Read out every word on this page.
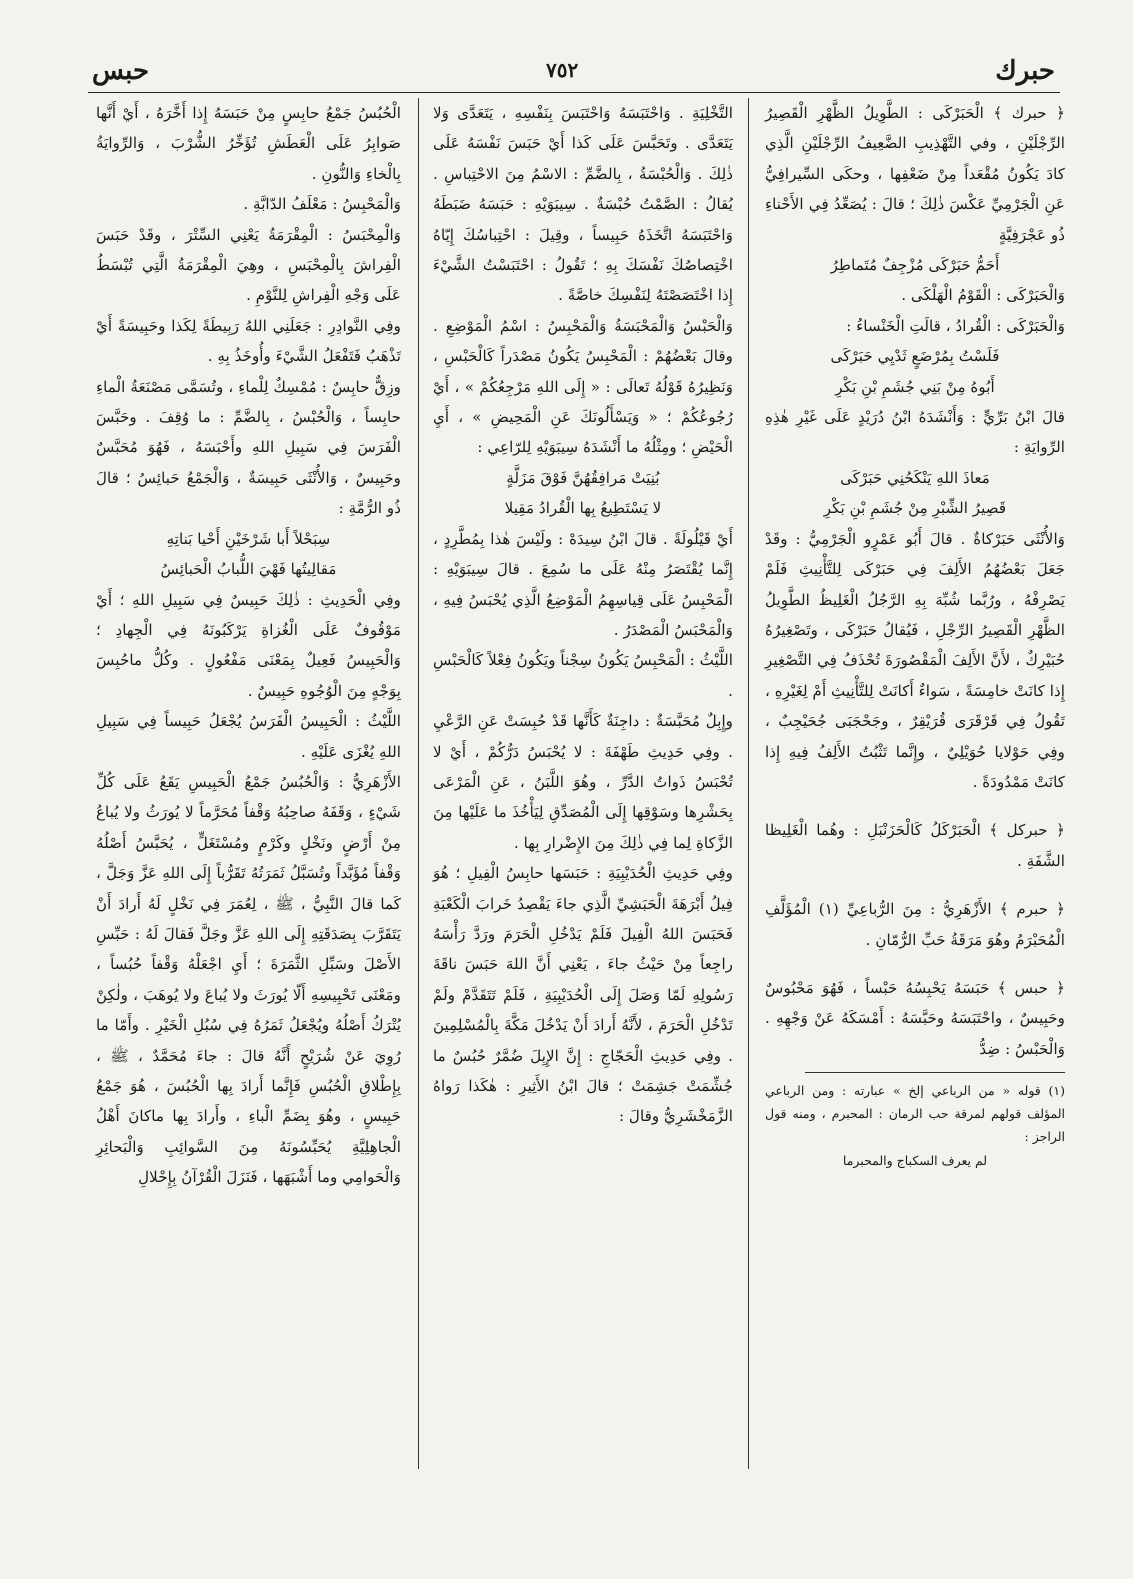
حبرك
٧٥٢
حبس

﴿ حبرك ﴾ الْحَبَرْكَى : الطَّوِيلُ الظَّهْرِ الْقَصِيرُ الرِّجْلَيْنِ ، وفي التَّهْذِيبِ الضَّعِيفُ الرِّجْلَيْنِ الَّذِي كادَ يَكُونُ مُقْعَداً مِنْ ضَعْفِها ، وحكَى السِّيرافِيُّ عَنِ الْجَرْمِيِّ عَكْسَ ذٰلِكَ ؛ قالَ : يُصَعِّدُ فِي الأَحْناءِ ذُو عَجْرَفِيَّةٍ

أَحَمُّ حَبَرْكَى مُزْجِفٌ مُتَماطِرُ

وَالْحَبَرْكَى : الْقَوْمُ الْهَلْكَى .

وَالْحَبَرْكَى : الْقُرادُ ، قالَتِ الْخَنْساءُ :

فَلَسْتُ بِمُرْضَعٍ ثَدْيِي حَبَرْكَى

أَبُوهُ مِنْ بَنِي جُشَمِ بْنِ بَكْرِ

قالَ ابْنُ بَرِّيٍّ : وَأَنْشَدَهُ ابْنُ دُرَيْدٍ عَلَى غَيْرِ هٰذِهِ الرِّوايَةِ :

مَعاذَ اللهِ يَنْكَحُنِي حَبَرْكَى

قَصِيرُ الشِّبْرِ مِنْ جُشَمِ بْنِ بَكْرِ

وَالأُنْثَى حَبَرْكاةٌ . قالَ أَبُو عَمْرٍو الْجَرْمِيُّ : وقَدْ جَعَلَ بَعْضُهُمُ الأَلِفَ فِي حَبَرْكَى لِلتَّأْنِيثِ فَلَمْ يَصْرِفْهُ ، ورُبَّما شُبِّهَ بِهِ الرَّجُلُ الْغَلِيظُ الطَّوِيلُ الظَّهْرِ الْقَصِيرُ الرِّجْلِ ، فَيُقالُ حَبَرْكَى ، وتَصْغِيرُهُ حُبَيْرِكٌ ، لأَنَّ الأَلِفَ الْمَقْصُورَةَ تُحْذَفُ فِي التَّصْغِيرِ إِذا كانَتْ خامِسَةً ، سَواءٌ أَكانَتْ لِلتَّأْنِيثِ أَمْ لِغَيْرِهِ ، تَقُولُ فِي قَرْقَرَى قُرَيْقِرٌ ، وجَحْجَبَى جُحَيْجِبٌ ، وفِي حَوْلايا حُوَيْلِيٌ ، وإِنَّما تَثْبُتُ الأَلِفُ فِيهِ إِذا كانَتْ مَمْدُودَةً .

﴿ حبركل ﴾ الْحَبَرْكَلُ كَالْحَزَنْبَلِ : وهُما الْغَلِيظا الشَّفَةِ .

﴿ حبرم ﴾ الأَزْهَرِيُّ : مِنَ الرُّباعِيِّ (١) الْمُؤَلَّفِ الْمُحَبْرَمُ وهُوَ مَرَقَةُ حَبِّ الرُّمّانِ .

﴿ حبس ﴾ حَبَسَهُ يَحْبِسُهُ حَبْساً ، فَهُوَ مَحْبُوسٌ وحَبِيسٌ ، واحْتَبَسَهُ وحَبَّسَهُ : أَمْسَكَهُ عَنْ وَجْهِهِ . وَالْحَبْسُ : ضِدُّ

(١) قوله « من الرباعي إلخ » عبارته : ومن الرباعي المؤلف قولهم لمرقة حب الرمان : المحبرم ، ومنه قول الراجز :

لم يعرف السكباج والمحبرما

التَّخْلِيَةِ . وَاحْتَبَسَهُ وَاحْتَبَسَ بِنَفْسِهِ ، يَتَعَدَّى وَلا يَتَعَدَّى . وتَحَبَّسَ عَلَى كَذا أَيْ حَبَسَ نَفْسَهُ عَلَى ذٰلِكَ . وَالْحُبْسَةُ ، بِالضَّمِّ : الاسْمُ مِنَ الاحْتِباسِ . يُقالُ : الصَّمْتُ حُبْسَةٌ . سِيبَوَيْهِ : حَبَسَهُ ضَبَطَهُ وَاحْتَبَسَهُ اتَّخَذَهُ حَبِيساً ، وقِيلَ : احْتِباسُكَ إِيّاهُ اخْتِصاصُكَ نَفْسَكَ بِهِ ؛ تَقُولُ : احْتَبَسْتُ الشَّيْءَ إِذا اخْتَصَصْتَهُ لِنَفْسِكَ خاصَّةً .

وَالْحَبْسُ وَالْمَحْبَسَةُ وَالْمَحْبِسُ : اسْمُ الْمَوْضِعِ . وقالَ بَعْضُهُمْ : الْمَحْبِسُ يَكُونُ مَصْدَراً كَالْحَبْسِ ، وَنَظِيرُهُ قَوْلُهُ تَعالَى : « إِلَى اللهِ مَرْجِعُكُمْ » ، أَيْ رُجُوعُكُمْ ؛ « وَيَسْأَلُونَكَ عَنِ الْمَحِيضِ » ، أَيِ الْحَيْضِ ؛ ومِثْلُهُ ما أَنْشَدَهُ سِيبَوَيْهِ لِلرّاعِي :

بُنِيَتْ مَرافِقُهُنَّ فَوْقَ مَزَلَّةٍ

لا يَسْتَطِيعُ بِها الْقُرادُ مَقِيلا

أَيْ قَيْلُولَةً . قالَ ابْنُ سِيدَهْ : ولَيْسَ هٰذا بِمُطَّرِدٍ ، إِنَّما يُقْتَصَرُ مِنْهُ عَلَى ما سُمِعَ . قالَ سِيبَوَيْهِ : الْمَحْبِسُ عَلَى قِياسِهِمُ الْمَوْضِعُ الَّذِي يُحْبَسُ فِيهِ ، وَالْمَحْبَسُ الْمَصْدَرُ .

اللَّيْثُ : الْمَحْبِسُ يَكُونُ سِجْناً ويَكُونُ فِعْلاً كَالْحَبْسِ .

وإِبِلٌ مُحَبَّسَةٌ : داجِنَةٌ كَأَنَّها قَدْ حُبِسَتْ عَنِ الرَّعْيِ . وفِي حَدِيثِ طَهْفَةَ : لا يُحْبَسُ دَرُّكُمْ ، أَيْ لا تُحْبَسُ ذَواتُ الدَّرِّ ، وهُوَ اللَّبَنُ ، عَنِ الْمَرْعَى بِحَشْرِها وسَوْقِها إِلَى الْمُصَدِّقِ لِيَأْخُذَ ما عَلَيْها مِنَ الزَّكاةِ لِما فِي ذٰلِكَ مِنَ الإِضْرارِ بِها .

وفِي حَدِيثِ الْحُدَيْبِيَةِ : حَبَسَها حابِسُ الْفِيلِ ؛ هُوَ فِيلُ أَبْرَهَةَ الْحَبَشِيِّ الَّذِي جاءَ يَقْصِدُ خَرابَ الْكَعْبَةِ فَحَبَسَ اللهُ الْفِيلَ فَلَمْ يَدْخُلِ الْحَرَمَ ورَدَّ رَأْسَهُ راجِعاً مِنْ حَيْثُ جاءَ ، يَعْنِي أَنَّ اللهَ حَبَسَ ناقَةَ رَسُولِهِ لَمّا وَصَلَ إِلَى الْحُدَيْبِيَةِ ، فَلَمْ تَتَقَدَّمْ ولَمْ تَدْخُلِ الْحَرَمَ ، لأَنَّهُ أَرادَ أَنْ يَدْخُلَ مَكَّةَ بِالْمُسْلِمِينَ . وفِي حَدِيثِ الْحَجّاجِ : إِنَّ الإِبِلَ ضُمَّرٌ حُبُسٌ ما جُشِّمَتْ جَشِمَتْ ؛ قالَ ابْنُ الأَثِيرِ : هٰكَذا رَواهُ الزَّمَخْشَرِيُّ وقالَ :

الْحُبُسُ جَمْعُ حابِسٍ مِنْ حَبَسَهُ إِذا أَخَّرَهُ ، أَيْ أَنَّها صَوابِرُ عَلَى الْعَطَشِ تُؤَخِّرُ الشُّرْبَ ، وَالرِّوايَةُ بِالْخاءِ وَالنُّونِ .

وَالْمَحْبِسُ : مَعْلَفُ الدّابَّةِ .

وَالْمِحْبَسُ : الْمِقْرَمَةُ يَعْنِي السِّتْرَ ، وقَدْ حَبَسَ الْفِراشَ بِالْمِحْبَسِ ، وهِيَ الْمِقْرَمَةُ الَّتِي تُبْسَطُ عَلَى وَجْهِ الْفِراشِ لِلنَّوْمِ .

وفِي النَّوادِرِ : جَعَلَنِي اللهُ رَبِيطَةً لِكَذا وحَبِيسَةً أَيْ تَذْهَبُ فَتَفْعَلُ الشَّيْءَ وأُوخَذُ بِهِ .

وزِقٌّ حابِسٌ : مُمْسِكٌ لِلْماءِ ، وتُسَمَّى مَصْنَعَةُ الْماءِ حابِساً ، وَالْحُبْسُ ، بِالضَّمِّ : ما وُقِفَ . وحَبَّسَ الْفَرَسَ فِي سَبِيلِ اللهِ وأَحْبَسَهُ ، فَهُوَ مُحَبَّسٌ وحَبِيسٌ ، وَالأُنْثَى حَبِيسَةٌ ، وَالْجَمْعُ حَبائِسُ ؛ قالَ ذُو الرُّمَّةِ :

سِبَحْلاً أَبا شَرْخَيْنِ أَحْيا بَناتِهِ

مَقالِيتُها فَهْيَ اللُّبابُ الْحَبائِسُ

وفِي الْحَدِيثِ : ذٰلِكَ حَبِيسٌ فِي سَبِيلِ اللهِ ؛ أَيْ مَوْقُوفٌ عَلَى الْغُزاةِ يَرْكَبُونَهُ فِي الْجِهادِ ؛ وَالْحَبِيسُ فَعِيلٌ بِمَعْنَى مَفْعُولٍ . وكُلُّ ماحُبِسَ بِوَجْهٍ مِنَ الْوُجُوهِ حَبِيسٌ .

اللَّيْثُ : الْحَبِيسُ الْفَرَسُ يُجْعَلُ حَبِيساً فِي سَبِيلِ اللهِ يُغْزَى عَلَيْهِ .

الأَزْهَرِيُّ : وَالْحُبُسُ جَمْعُ الْحَبِيسِ يَقَعُ عَلَى كُلِّ شَيْءٍ ، وَقَفَهُ صاحِبُهُ وَقْفاً مُحَرَّماً لا يُورَثُ ولا يُباعُ مِنْ أَرْضٍ ونَخْلٍ وكَرْمٍ ومُسْتَغَلٍّ ، يُحَبَّسُ أَصْلُهُ وَقْفاً مُؤَبَّداً وتُسَبَّلُ ثَمَرَتُهُ تَقَرُّباً إِلَى اللهِ عَزَّ وَجَلَّ ، كَما قالَ النَّبِيُّ ، ﷺ ، لِعُمَرَ فِي نَخْلٍ لَهُ أَرادَ أَنْ يَتَقَرَّبَ بِصَدَقَتِهِ إِلَى اللهِ عَزَّ وجَلَّ فَقالَ لَهُ : حَبِّسِ الأَصْلَ وسَبِّلِ الثَّمَرَةَ ؛ أَيِ اجْعَلْهُ وَقْفاً حُبُساً ، ومَعْنَى تَحْبِيسِهِ أَلّا يُورَثَ ولا يُباعَ ولا يُوهَبَ ، ولٰكِنْ يُتْرَكُ أَصْلُهُ ويُجْعَلُ ثَمَرُهُ فِي سُبُلِ الْخَيْرِ . وأَمّا ما رُوِيَ عَنْ شُرَيْحٍ أَنَّهُ قالَ : جاءَ مُحَمَّدٌ ، ﷺ ، بِإِطْلاقِ الْحُبُسِ فَإِنَّما أَرادَ بِها الْحُبُسَ ، هُوَ جَمْعُ حَبِيسٍ ، وهُوَ بِضَمِّ الْباءِ ، وأَرادَ بِها ماكانَ أَهْلُ الْجاهِلِيَّةِ يُحَبِّسُونَهُ مِنَ السَّوائِبِ وَالْبَحائِرِ وَالْحَوامِي وما أَشْبَهَها ، فَنَزَلَ الْقُرْآنُ بِإِحْلالِ
